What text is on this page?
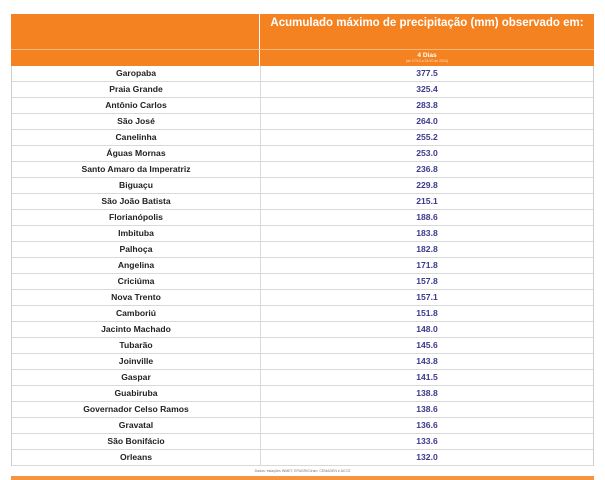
Acumulado máximo de precipitação (mm) observado em:
4 Dias
(de 27/10 a 31/10 de 2024)
Garopaba	377.5
Praia Grande	325.4
Antônio Carlos	283.8
São José	264.0
Canelinha	255.2
Águas Mornas	253.0
Santo Amaro da Imperatriz	236.8
Biguaçu	229.8
São João Batista	215.1
Florianópolis	188.6
Imbituba	183.8
Palhoça	182.8
Angelina	171.8
Criciúma	157.8
Nova Trento	157.1
Camboriú	151.8
Jacinto Machado	148.0
Tubarão	145.6
Joinville	143.8
Gaspar	141.5
Guabiruba	138.8
Governador Celso Ramos	138.6
Gravatal	136.6
São Bonifácio	133.6
Orleans	132.0
Dados: estações INMET, EPAGRI/Ciram, CEMADEN e ACCS
